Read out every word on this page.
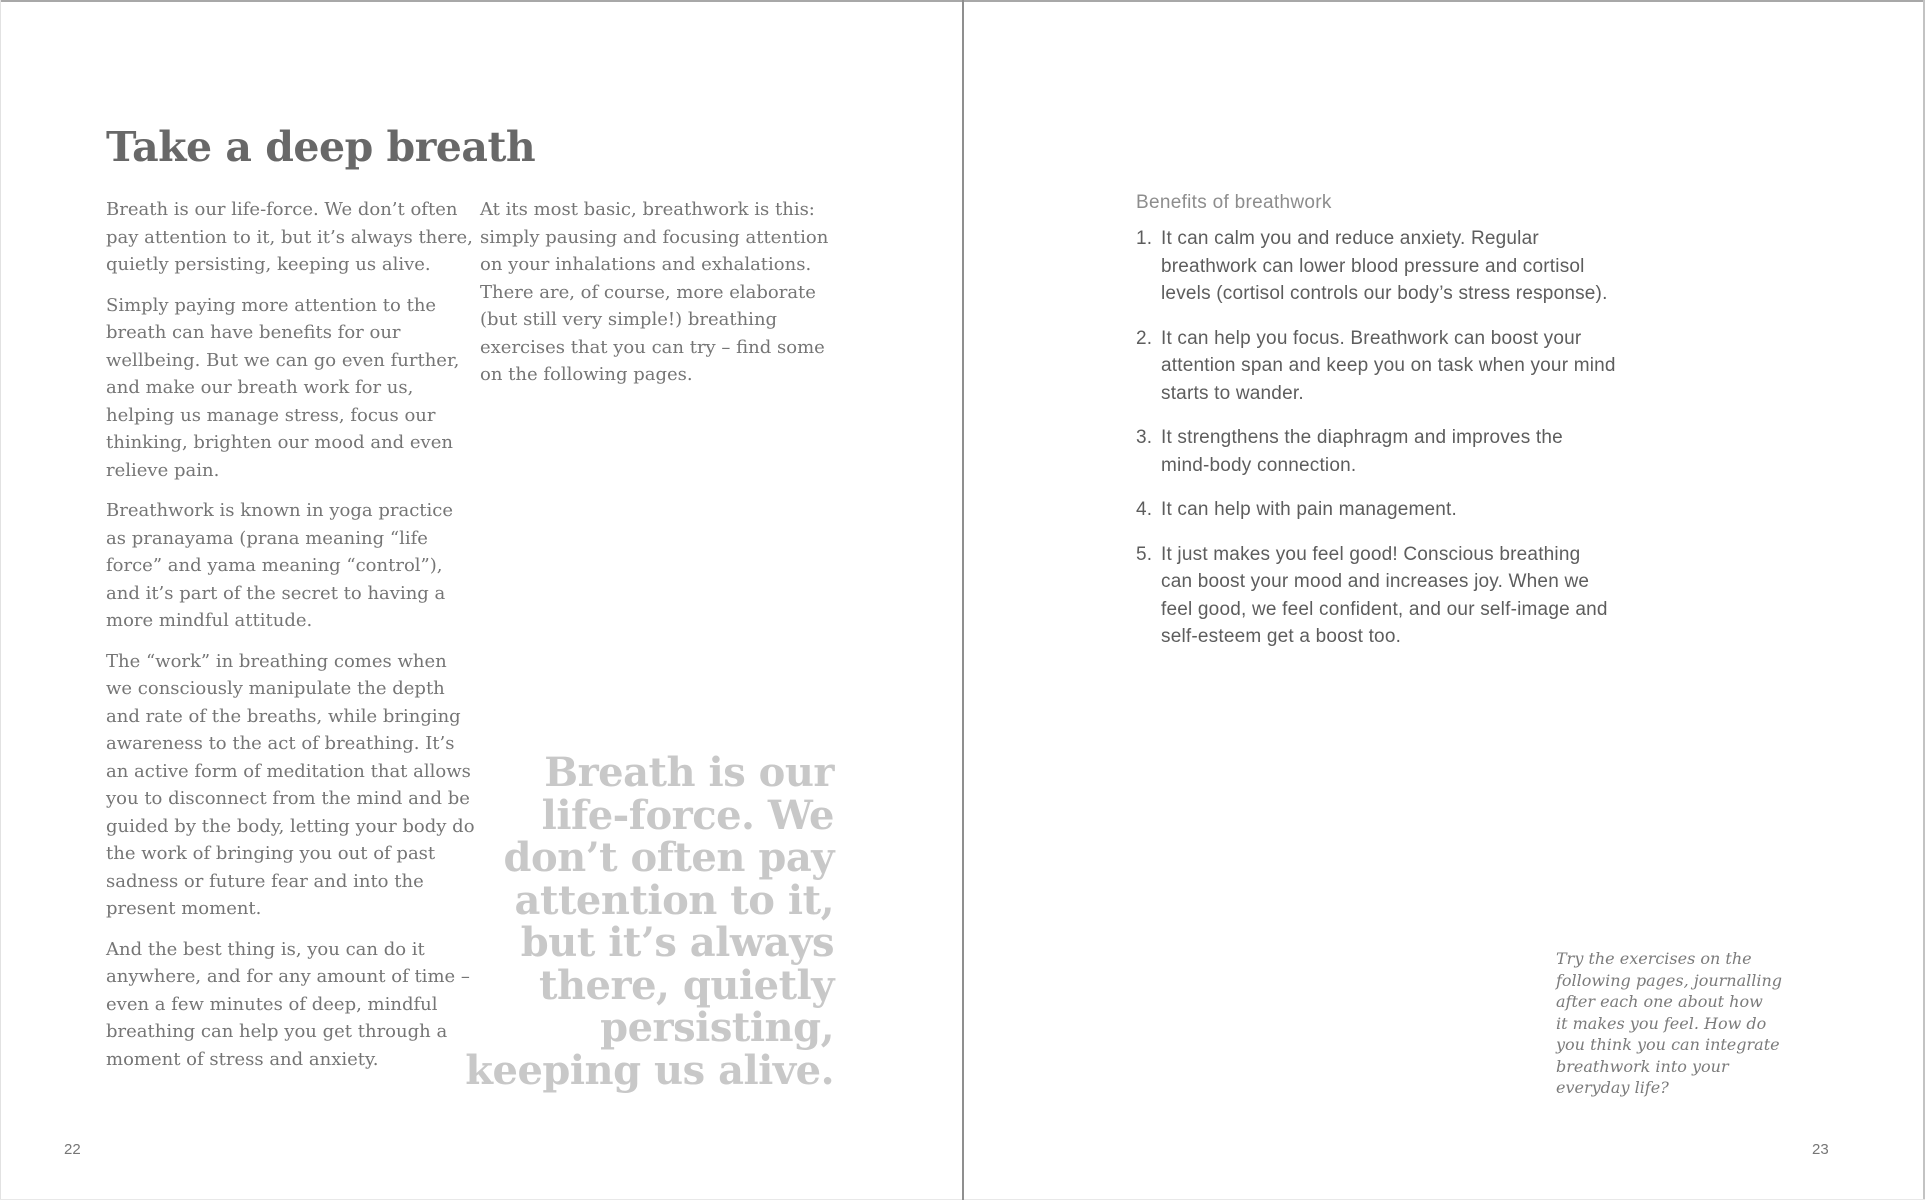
Take a deep breath

Breath is our life-force. We don’t often pay attention to it, but it’s always there, quietly persisting, keeping us alive.

Simply paying more attention to the breath can have benefits for our wellbeing. But we can go even further, and make our breath work for us, helping us manage stress, focus our thinking, brighten our mood and even relieve pain.

Breathwork is known in yoga practice as pranayama (prana meaning “life force” and yama meaning “control”), and it’s part of the secret to having a more mindful attitude.

The “work” in breathing comes when we consciously manipulate the depth and rate of the breaths, while bringing awareness to the act of breathing. It’s an active form of meditation that allows you to disconnect from the mind and be guided by the body, letting your body do the work of bringing you out of past sadness or future fear and into the present moment.

And the best thing is, you can do it anywhere, and for any amount of time – even a few minutes of deep, mindful breathing can help you get through a moment of stress and anxiety.

At its most basic, breathwork is this: simply pausing and focusing attention on your inhalations and exhalations. There are, of course, more elaborate (but still very simple!) breathing exercises that you can try – find some on the following pages.

Breath is our
life-force. We
don’t often pay
attention to it,
but it’s always
there, quietly
persisting,
keeping us alive.
22

Benefits of breathwork

1. It can calm you and reduce anxiety. Regular breathwork can lower blood pressure and cortisol levels (cortisol controls our body’s stress response).
2. It can help you focus. Breathwork can boost your attention span and keep you on task when your mind starts to wander.
3. It strengthens the diaphragm and improves the mind-body connection.
4. It can help with pain management.
5. It just makes you feel good! Conscious breathing can boost your mood and increases joy. When we feel good, we feel confident, and our self-image and self-esteem get a boost too.
Try the exercises on the
following pages, journalling
after each one about how
it makes you feel. How do
you think you can integrate
breathwork into your
everyday life?
23
